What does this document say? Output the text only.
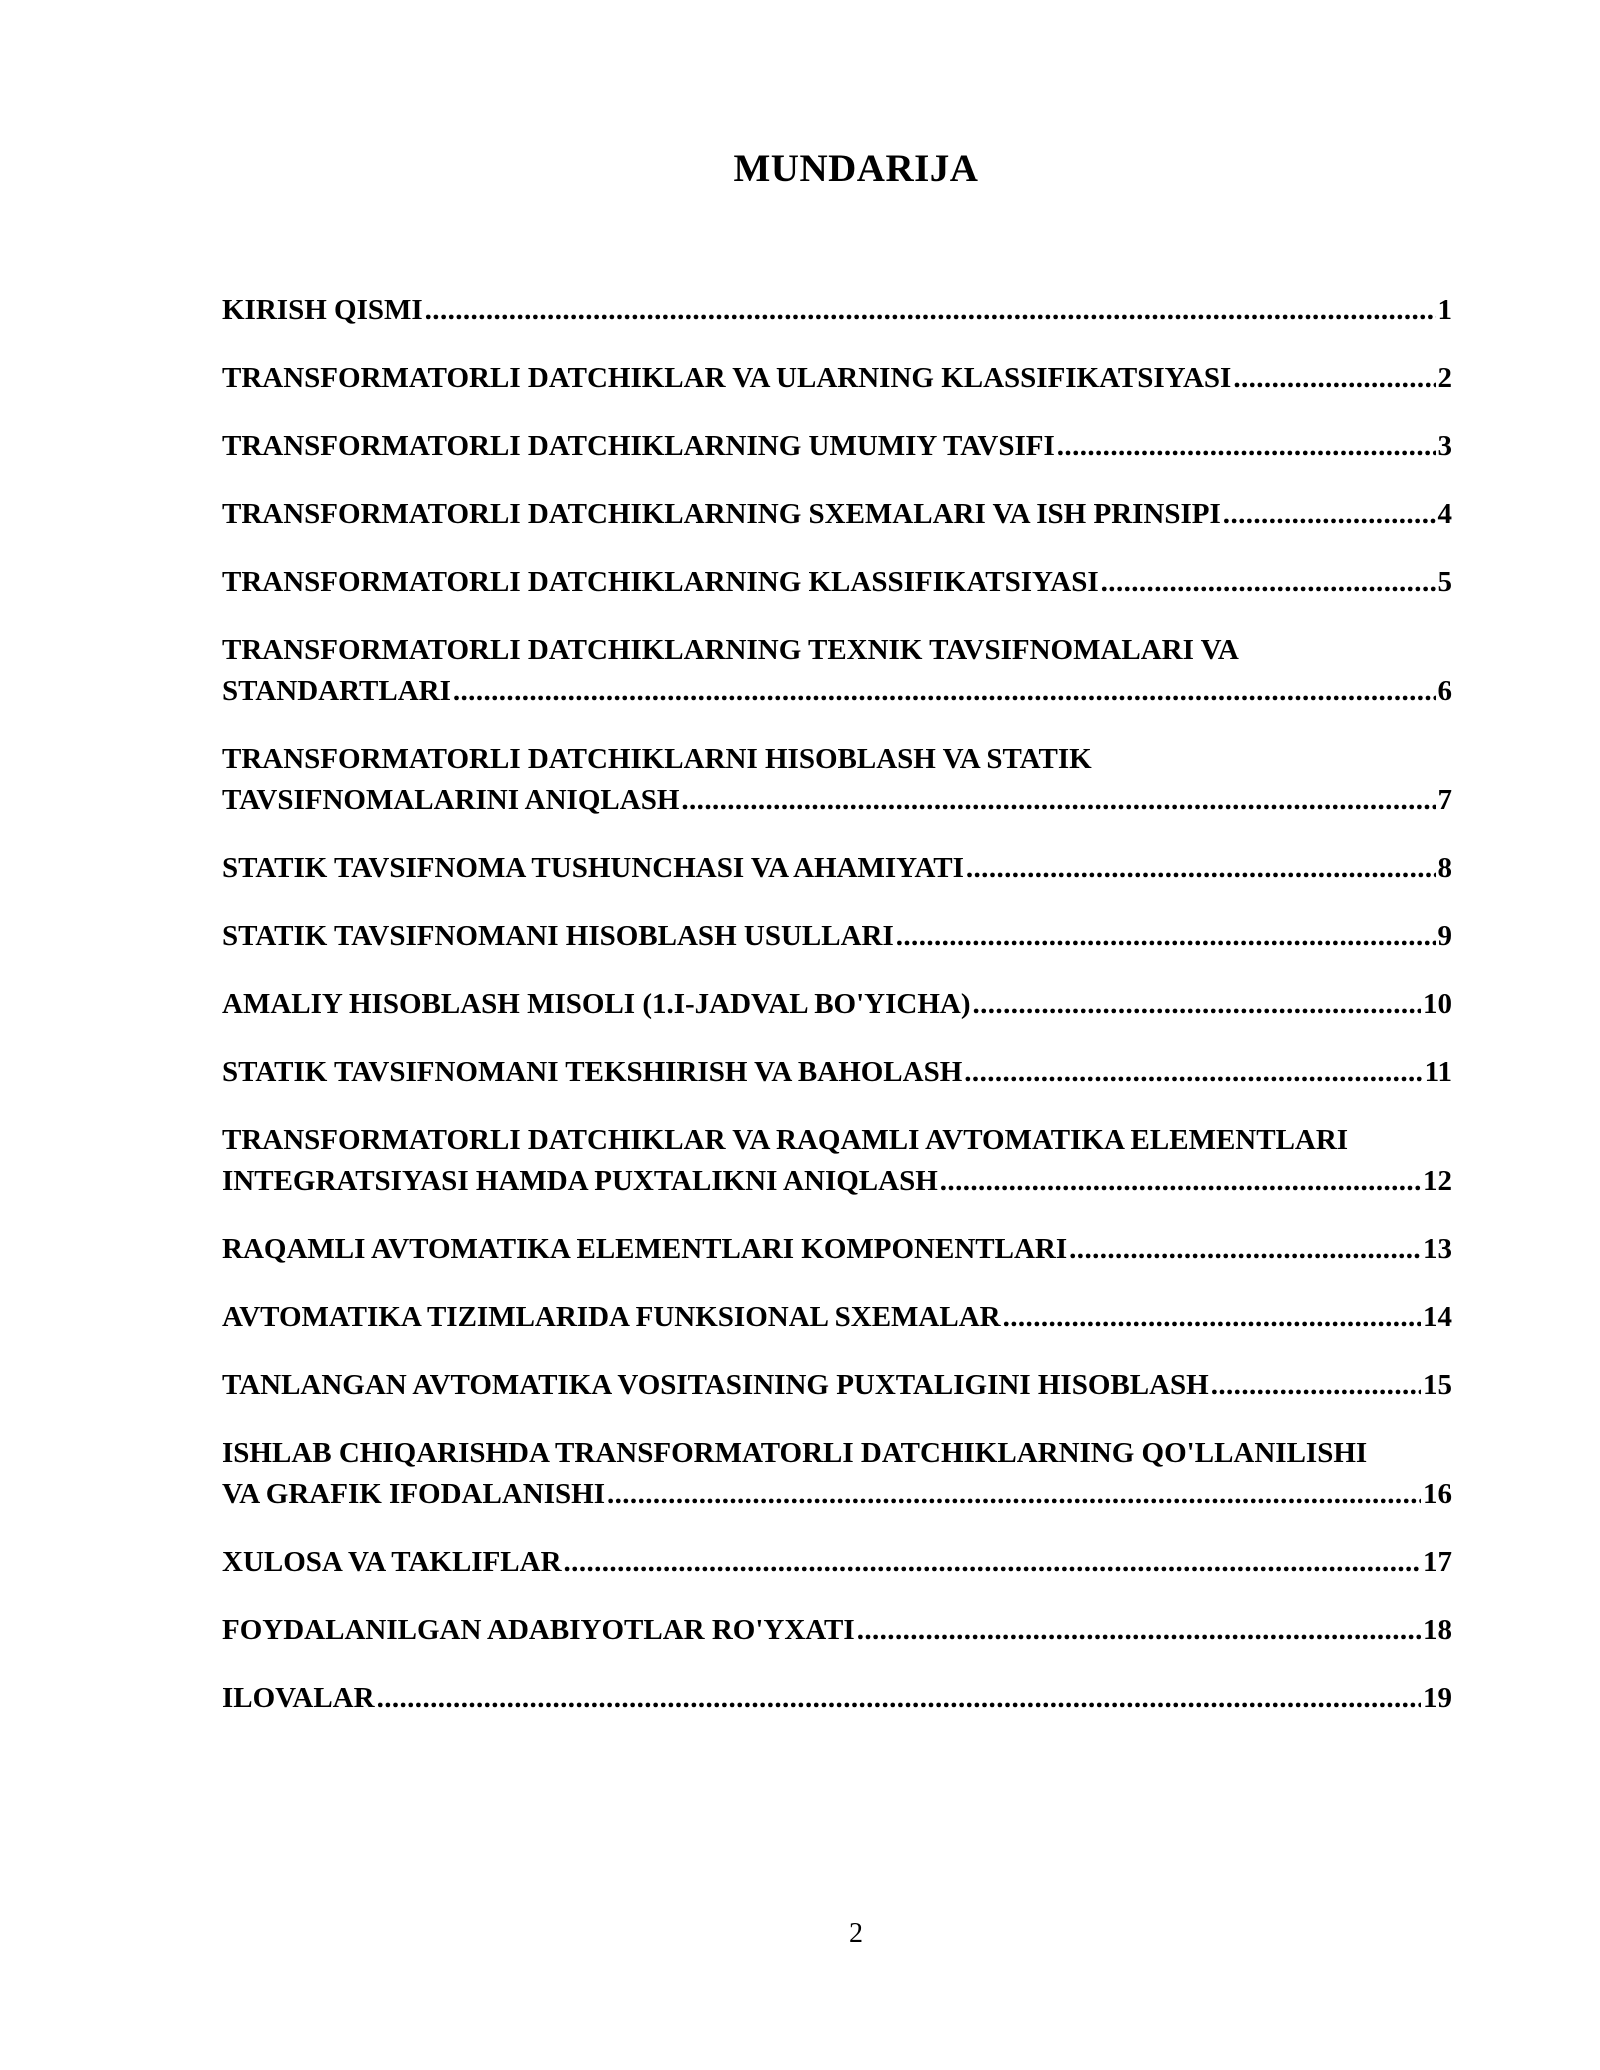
MUNDARIJA
KIRISH QISMI .....	1
TRANSFORMATORLI DATCHIKLAR VA ULARNING KLASSIFIKATSIYASI .....	2
TRANSFORMATORLI DATCHIKLARNING UMUMIY TAVSIFI .....	3
TRANSFORMATORLI DATCHIKLARNING SXEMALARI VA ISH PRINSIPI .....	4
TRANSFORMATORLI DATCHIKLARNING KLASSIFIKATSIYASI .....	5
TRANSFORMATORLI DATCHIKLARNING TEXNIK TAVSIFNOMALARI VA
STANDARTLARI .....	6
TRANSFORMATORLI DATCHIKLARNI HISOBLASH VA STATIK
TAVSIFNOMALARINI ANIQLASH .....	7
STATIK TAVSIFNOMA TUSHUNCHASI VA AHAMIYATI .....	8
STATIK TAVSIFNOMANI HISOBLASH USULLARI .....	9
AMALIY HISOBLASH MISOLI (1.I-JADVAL BO'YICHA) .....	10
STATIK TAVSIFNOMANI TEKSHIRISH VA BAHOLASH .....	11
TRANSFORMATORLI DATCHIKLAR VA RAQAMLI AVTOMATIKA ELEMENTLARI
INTEGRATSIYASI HAMDA PUXTALIKNI ANIQLASH .....	12
RAQAMLI AVTOMATIKA ELEMENTLARI KOMPONENTLARI .....	13
AVTOMATIKA TIZIMLARIDA FUNKSIONAL SXEMALAR .....	14
TANLANGAN AVTOMATIKA VOSITASINING PUXTALIGINI HISOBLASH .....	15
ISHLAB CHIQARISHDA TRANSFORMATORLI DATCHIKLARNING QO'LLANILISHI
VA GRAFIK IFODALANISHI .....	16
XULOSA VA TAKLIFLAR .....	17
FOYDALANILGAN ADABIYOTLAR RO'YXATI .....	18
ILOVALAR .....	19
2
